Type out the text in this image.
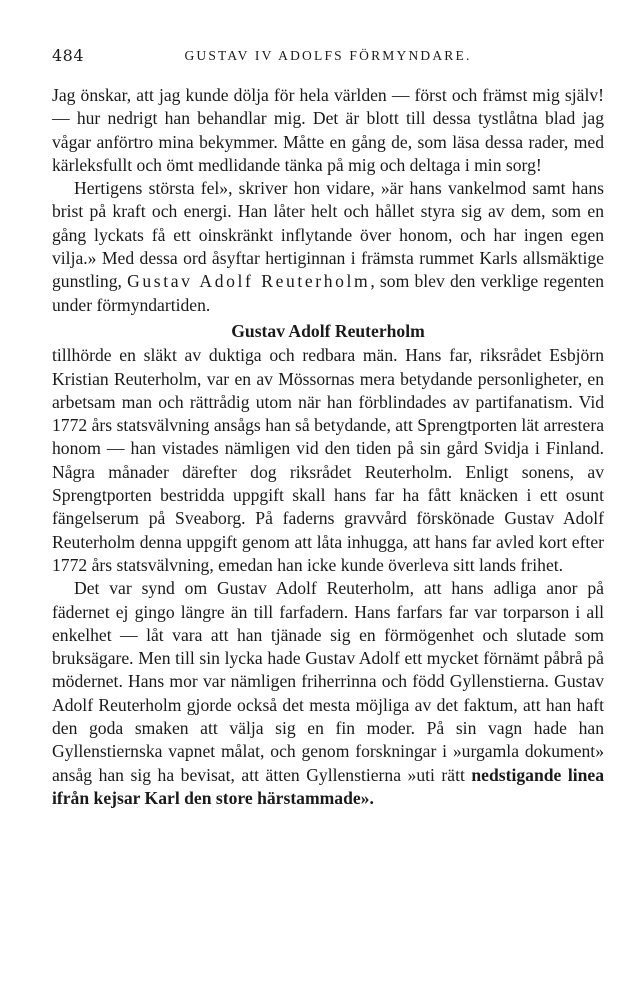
484	GUSTAV IV ADOLFS FÖRMYNDARE.

Jag önskar, att jag kunde dölja för hela världen — först och främst mig själv! — hur nedrigt han behandlar mig. Det är blott till dessa tystlåtna blad jag vågar anförtro mina bekymmer. Måtte en gång de, som läsa dessa rader, med kärleksfullt och ömt medlidande tänka på mig och deltaga i min sorg!

Hertigens största fel», skriver hon vidare, »är hans vankelmod samt hans brist på kraft och energi. Han låter helt och hållet styra sig av dem, som en gång lyckats få ett oinskränkt inflytande över honom, och har ingen egen vilja.» Med dessa ord åsyftar hertiginnan i främsta rummet Karls allsmäktige gunstling, Gustav Adolf Reuterholm, som blev den verklige regenten under förmyndartiden.

Gustav Adolf Reuterholm

tillhörde en släkt av duktiga och redbara män. Hans far, riksrådet Esbjörn Kristian Reuterholm, var en av Mössornas mera betydande personligheter, en arbetsam man och rättrådig utom när han förblindades av partifanatism. Vid 1772 års statsvälvning ansågs han så betydande, att Sprengtporten lät arrestera honom — han vistades nämligen vid den tiden på sin gård Svidja i Finland. Några månader därefter dog riksrådet Reuterholm. Enligt sonens, av Sprengtporten bestridda uppgift skall hans far ha fått knäcken i ett osunt fängelserum på Sveaborg. På faderns gravvård förskönade Gustav Adolf Reuterholm denna uppgift genom att låta inhugga, att hans far avled kort efter 1772 års statsvälvning, emedan han icke kunde överleva sitt lands frihet.

Det var synd om Gustav Adolf Reuterholm, att hans adliga anor på fädernet ej gingo längre än till farfadern. Hans farfars far var torparson i all enkelhet — låt vara att han tjänade sig en förmögenhet och slutade som bruksägare. Men till sin lycka hade Gustav Adolf ett mycket förnämt påbrå på mödernet. Hans mor var nämligen friherrinna och född Gyllenstierna. Gustav Adolf Reuterholm gjorde också det mesta möjliga av det faktum, att han haft den goda smaken att välja sig en fin moder. På sin vagn hade han Gyllenstiernska vapnet målat, och genom forskningar i »urgamla dokument» ansåg han sig ha bevisat, att ätten Gyllenstierna »uti rätt nedstigande linea ifrån kejsar Karl den store härstammade».
